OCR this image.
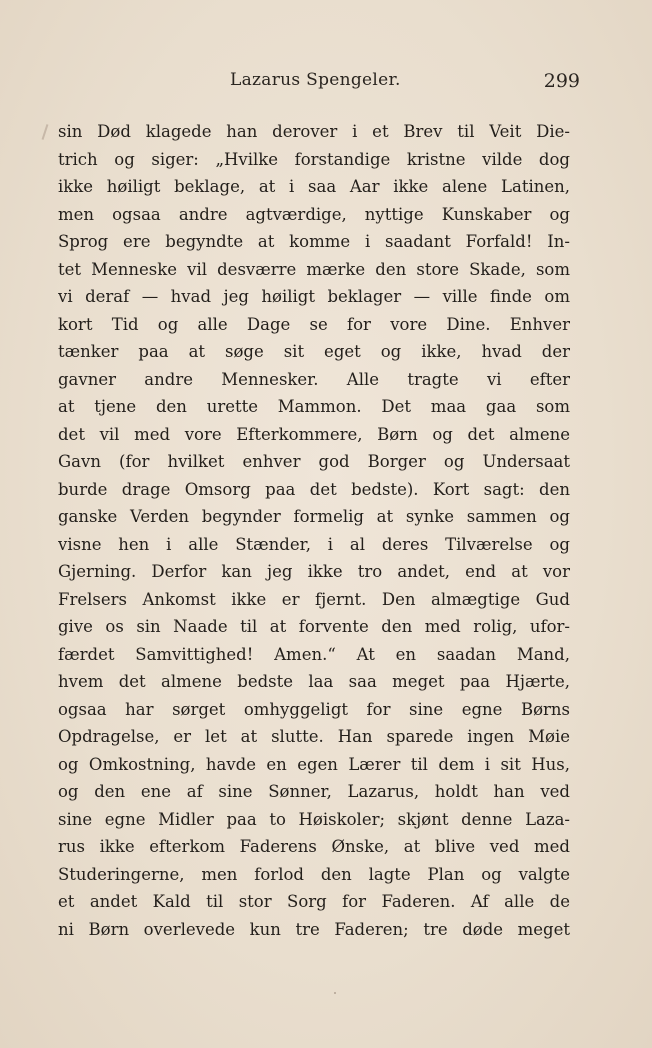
Lazarus Spengeler.	299
sin Død klagede han derover i et Brev til Veit Die-
trich og siger: „Hvilke forstandige kristne vilde dog
ikke høiligt beklage, at i saa Aar ikke alene Latinen,
men ogsaa andre agtværdige, nyttige Kunskaber og
Sprog ere begyndte at komme i saadant Forfald! In-
tet Menneske vil desværre mærke den store Skade, som
vi deraf — hvad jeg høiligt beklager — ville finde om
kort Tid og alle Dage se for vore Dine. Enhver
tænker paa at søge sit eget og ikke, hvad der
gavner andre Mennesker. Alle tragte vi efter
at tjene den urette Mammon. Det maa gaa som
det vil med vore Efterkommere, Børn og det almene
Gavn (for hvilket enhver god Borger og Undersaat
burde drage Omsorg paa det bedste). Kort sagt: den
ganske Verden begynder formelig at synke sammen og
visne hen i alle Stænder, i al deres Tilværelse og
Gjerning. Derfor kan jeg ikke tro andet, end at vor
Frelsers Ankomst ikke er fjernt. Den almægtige Gud
give os sin Naade til at forvente den med rolig, ufor-
færdet Samvittighed! Amen.“ At en saadan Mand,
hvem det almene bedste laa saa meget paa Hjærte,
ogsaa har sørget omhyggeligt for sine egne Børns
Opdragelse, er let at slutte. Han sparede ingen Møie
og Omkostning, havde en egen Lærer til dem i sit Hus,
og den ene af sine Sønner, Lazarus, holdt han ved
sine egne Midler paa to Høiskoler; skjønt denne Laza-
rus ikke efterkom Faderens Ønske, at blive ved med
Studeringerne, men forlod den lagte Plan og valgte
et andet Kald til stor Sorg for Faderen. Af alle de
ni Børn overlevede kun tre Faderen; tre døde meget
